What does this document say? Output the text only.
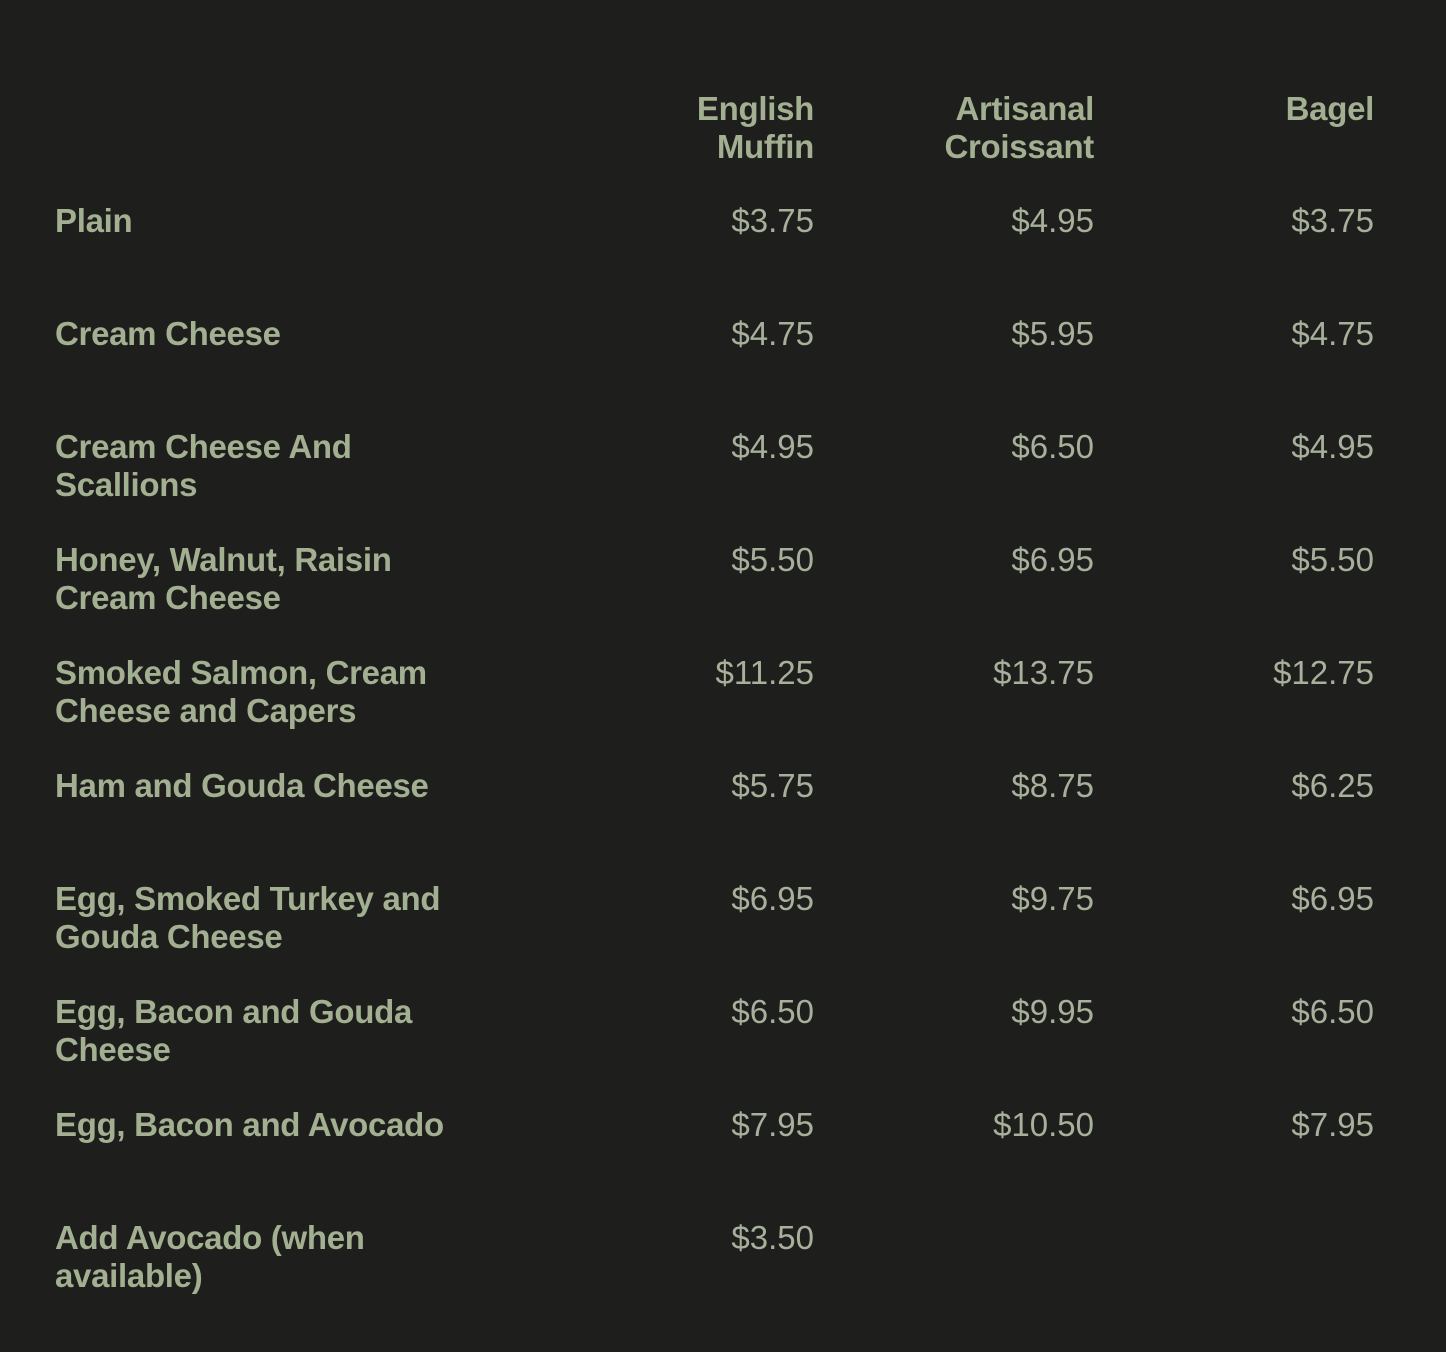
	English Muffin	Artisanal Croissant	Bagel
Plain	$3.75	$4.95	$3.75
Cream Cheese	$4.75	$5.95	$4.75
Cream Cheese And Scallions	$4.95	$6.50	$4.95
Honey, Walnut, Raisin Cream Cheese	$5.50	$6.95	$5.50
Smoked Salmon, Cream Cheese and Capers	$11.25	$13.75	$12.75
Ham and Gouda Cheese	$5.75	$8.75	$6.25
Egg, Smoked Turkey and Gouda Cheese	$6.95	$9.75	$6.95
Egg, Bacon and Gouda Cheese	$6.50	$9.95	$6.50
Egg, Bacon and Avocado	$7.95	$10.50	$7.95
Add Avocado (when available)	$3.50		
